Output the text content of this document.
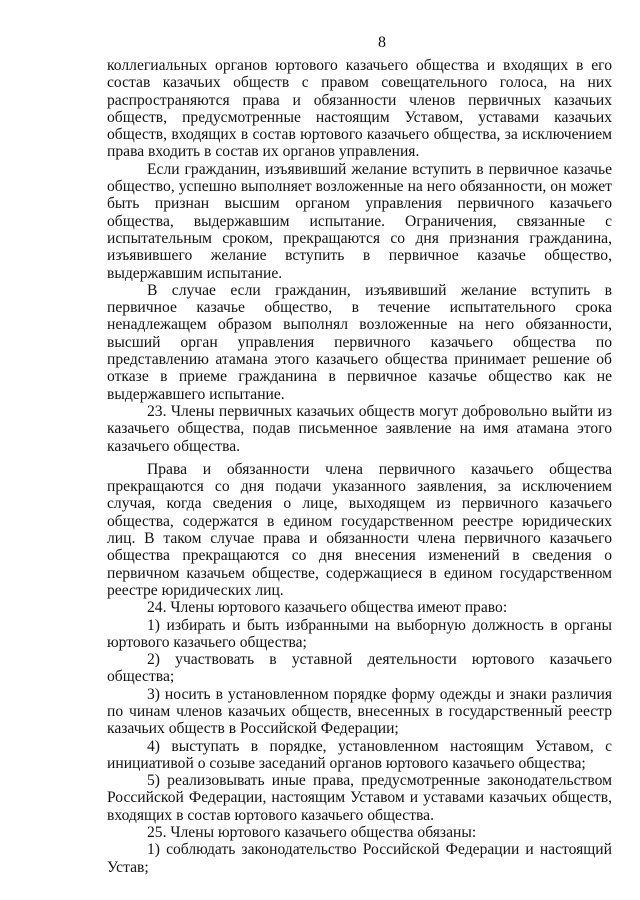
8

коллегиальных органов юртового казачьего общества и входящих в его состав казачьих обществ с правом совещательного голоса, на них распространяются права и обязанности членов первичных казачьих обществ, предусмотренные настоящим Уставом, уставами казачьих обществ, входящих в состав юртового казачьего общества, за исключением права входить в состав их органов управления.

Если гражданин, изъявивший желание вступить в первичное казачье общество, успешно выполняет возложенные на него обязанности, он может быть признан высшим органом управления первичного казачьего общества, выдержавшим испытание. Ограничения, связанные с испытательным сроком, прекращаются со дня признания гражданина, изъявившего желание вступить в первичное казачье общество, выдержавшим испытание.

В случае если гражданин, изъявивший желание вступить в первичное казачье общество, в течение испытательного срока ненадлежащем образом выполнял возложенные на него обязанности, высший орган управления первичного казачьего общества по представлению атамана этого казачьего общества принимает решение об отказе в приеме гражданина в первичное казачье общество как не выдержавшего испытание.

23. Члены первичных казачьих обществ могут добровольно выйти из казачьего общества, подав письменное заявление на имя атамана этого казачьего общества.

Права и обязанности члена первичного казачьего общества прекращаются со дня подачи указанного заявления, за исключением случая, когда сведения о лице, выходящем из первичного казачьего общества, содержатся в едином государственном реестре юридических лиц. В таком случае права и обязанности члена первичного казачьего общества прекращаются со дня внесения изменений в сведения о первичном казачьем обществе, содержащиеся в едином государственном реестре юридических лиц.

24. Члены юртового казачьего общества имеют право:

1) избирать и быть избранными на выборную должность в органы юртового казачьего общества;

2) участвовать в уставной деятельности юртового казачьего общества;

3) носить в установленном порядке форму одежды и знаки различия по чинам членов казачьих обществ, внесенных в государственный реестр казачьих обществ в Российской Федерации;

4) выступать в порядке, установленном настоящим Уставом, с инициативой о созыве заседаний органов юртового казачьего общества;

5) реализовывать иные права, предусмотренные законодательством Российской Федерации, настоящим Уставом и уставами казачьих обществ, входящих в состав юртового казачьего общества.

25. Члены юртового казачьего общества обязаны:

1) соблюдать законодательство Российской Федерации и настоящий Устав;
